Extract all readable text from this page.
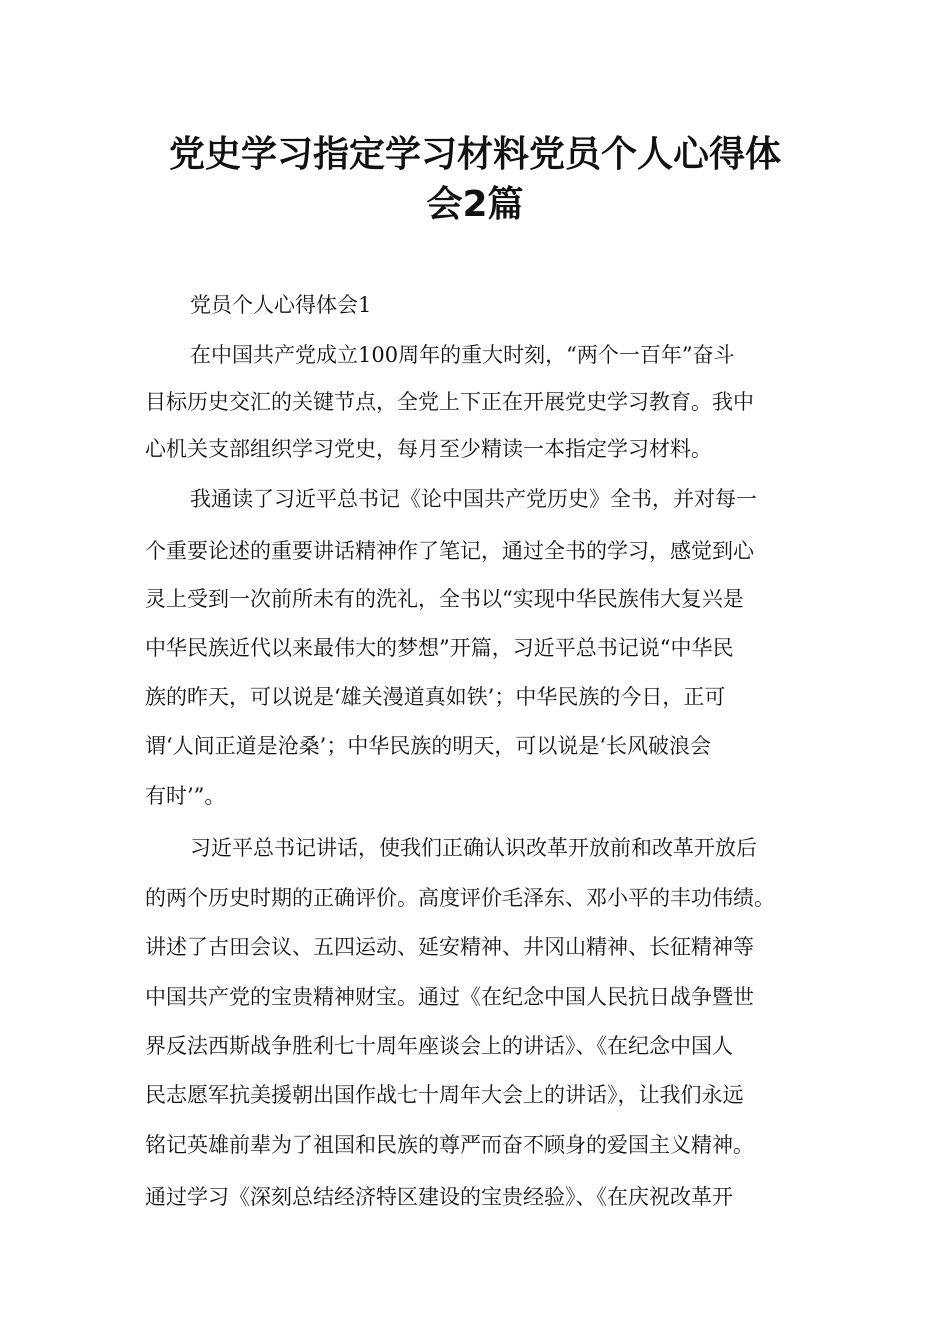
党史学习指定学习材料党员个人心得体
会2篇
党员个人心得体会1
在中国共产党成立100周年的重大时刻，“两个一百年”奋斗
目标历史交汇的关键节点，全党上下正在开展党史学习教育。我中
心机关支部组织学习党史，每月至少精读一本指定学习材料。
我通读了习近平总书记《论中国共产党历史》全书，并对每一
个重要论述的重要讲话精神作了笔记，通过全书的学习，感觉到心
灵上受到一次前所未有的洗礼，全书以“实现中华民族伟大复兴是
中华民族近代以来最伟大的梦想”开篇，习近平总书记说“中华民
族的昨天，可以说是‘雄关漫道真如铁’；中华民族的今日，正可
谓‘人间正道是沧桑’；中华民族的明天，可以说是‘长风破浪会
有时’”。
习近平总书记讲话，使我们正确认识改革开放前和改革开放后
的两个历史时期的正确评价。高度评价毛泽东、邓小平的丰功伟绩。
讲述了古田会议、五四运动、延安精神、井冈山精神、长征精神等
中国共产党的宝贵精神财宝。通过《在纪念中国人民抗日战争暨世
界反法西斯战争胜利七十周年座谈会上的讲话》、《在纪念中国人
民志愿军抗美援朝出国作战七十周年大会上的讲话》，让我们永远
铭记英雄前辈为了祖国和民族的尊严而奋不顾身的爱国主义精神。
通过学习《深刻总结经济特区建设的宝贵经验》、《在庆祝改革开
